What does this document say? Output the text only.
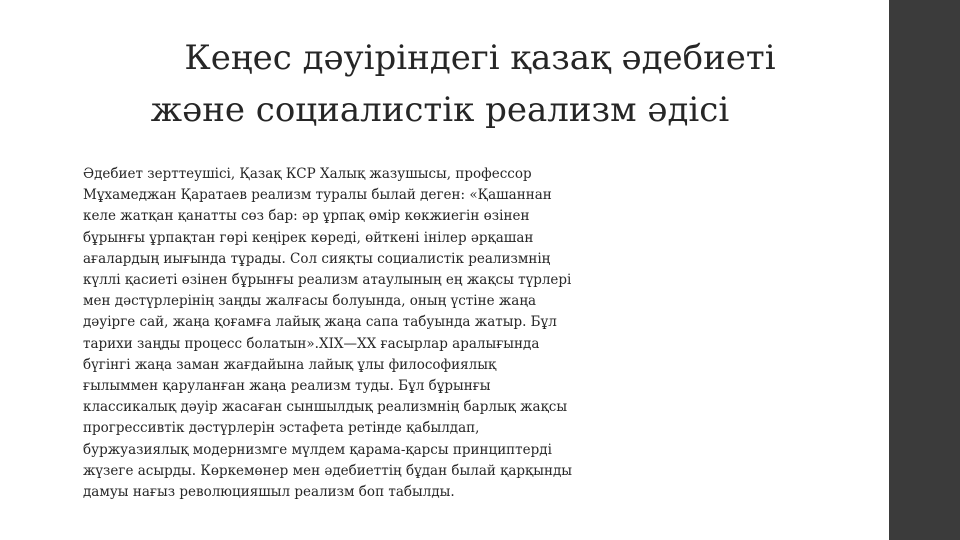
Кеңес дәуіріндегі қазақ әдебиеті
және социалистік реализм әдісі
Әдебиет зерттеушісі, Қазақ КСР Халық жазушысы, профессор
Мұхамеджан Қаратаев реализм туралы былай деген: «Қашаннан
келе жатқан қанатты сөз бар: әр ұрпақ өмір көкжиегін өзінен
бұрынғы ұрпақтан гөрі кеңірек көреді, өйткені інілер әрқашан
ағалардың иығында тұрады. Сол сияқты социалистік реализмнің
күллі қасиеті өзінен бұрынғы реализм атаулының ең жақсы түрлері
мен дәстүрлерінің заңды жалғасы болуында, оның үстіне жаңа
дәуірге сай, жаңа қоғамға лайық жаңа сапа табуында жатыр. Бұл
тарихи заңды процесс болатын».XIX—XX ғасырлар аралығында
бүгінгі жаңа заман жағдайына лайық ұлы философиялық
ғылыммен қаруланған жаңа реализм туды. Бұл бұрынғы
классикалық дәуір жасаған сыншылдық реализмнің барлық жақсы
прогрессивтік дәстүрлерін эстафета ретінде қабылдап,
буржуазиялық модернизмге мүлдем қарама-қарсы принциптерді
жүзеге асырды. Көркемөнер мен әдебиеттің бұдан былай қарқынды
дамуы нағыз революцияшыл реализм боп табылды.
